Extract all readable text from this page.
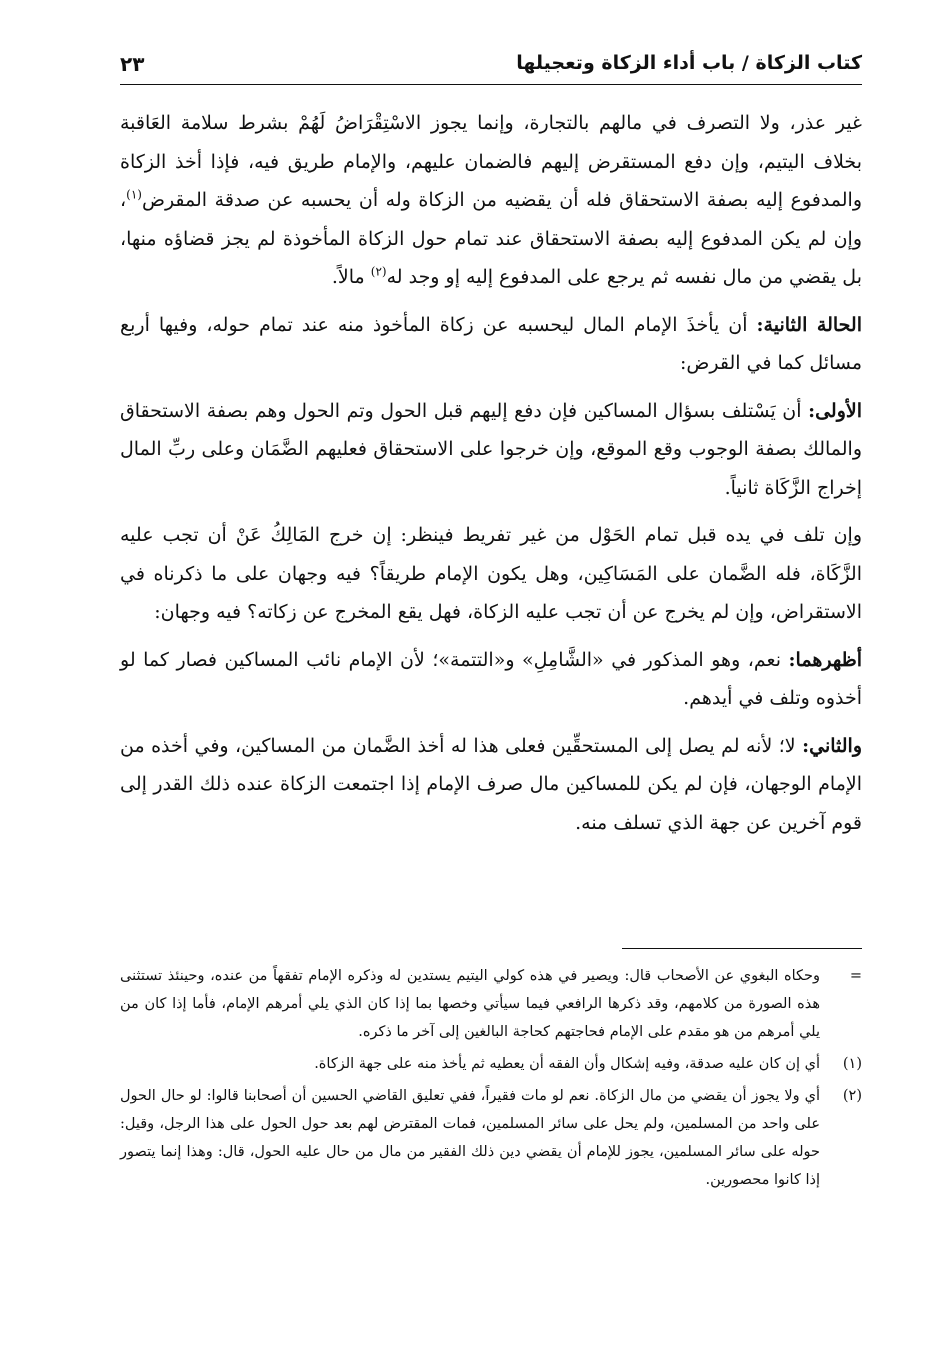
كتاب الزكاة / باب أداء الزكاة وتعجيلها
٢٣

غير عذر، ولا التصرف في مالهم بالتجارة، وإنما يجوز الاسْتِقْرَاضُ لَهُمْ بشرط سلامة العَاقبة بخلاف اليتيم، وإن دفع المستقرض إليهم فالضمان عليهم، والإمام طريق فيه، فإذا أخذ الزكاة والمدفوع إليه بصفة الاستحقاق فله أن يقضيه من الزكاة وله أن يحسبه عن صدقة المقرض$^{(١)}$، وإن لم يكن المدفوع إليه بصفة الاستحقاق عند تمام حول الزكاة المأخوذة لم يجز قضاؤه منها، بل يقضي من مال نفسه ثم يرجع على المدفوع إليه إو وجد له$^{(٢)}$ مالاً.

الحالة الثانية: أن يأخذَ الإمام المال ليحسبه عن زكاة المأخوذ منه عند تمام حوله، وفيها أربع مسائل كما في القرض:

الأولى: أن يَسْتلف بسؤال المساكين فإن دفع إليهم قبل الحول وتم الحول وهم بصفة الاستحقاق والمالك بصفة الوجوب وقع الموقع، وإن خرجوا على الاستحقاق فعليهم الضَّمَان وعلى ربِّ المال إخراج الزَّكَاة ثانياً.

وإن تلف في يده قبل تمام الحَوْل من غير تفريط فينظر: إن خرج المَالِكُ عَنْ أن تجب عليه الزَّكَاة، فله الضَّمان على المَسَاكِين، وهل يكون الإمام طريقاً؟ فيه وجهان على ما ذكرناه في الاستقراض، وإن لم يخرج عن أن تجب عليه الزكاة، فهل يقع المخرج عن زكاته؟ فيه وجهان:

أظهرهما: نعم، وهو المذكور في «الشَّامِلِ» و«التتمة»؛ لأن الإمام نائب المساكين فصار كما لو أخذوه وتلف في أيدهم.

والثاني: لا؛ لأنه لم يصل إلى المستحقِّين فعلى هذا له أخذ الضَّمان من المساكين، وفي أخذه من الإمام الوجهان، فإن لم يكن للمساكين مال صرف الإمام إذا اجتمعت الزكاة عنده ذلك القدر إلى قوم آخرين عن جهة الذي تسلف منه.

=
وحكاه البغوي عن الأصحاب قال: ويصير في هذه كولي اليتيم يستدين له وذكره الإمام تفقهاً من عنده، وحينئذ تستثنى هذه الصورة من كلامهم، وقد ذكرها الرافعي فيما سيأتي وخصها بما إذا كان الذي يلي أمرهم الإمام، فأما إذا كان من يلي أمرهم من هو مقدم على الإمام فحاجتهم كحاجة البالغين إلى آخر ما ذكره.
(١)
أي إن كان عليه صدقة، وفيه إشكال وأن الفقه أن يعطيه ثم يأخذ منه على جهة الزكاة.
(٢)
أي ولا يجوز أن يقضي من مال الزكاة. نعم لو مات فقيراً، ففي تعليق القاضي الحسين أن أصحابنا قالوا: لو حال الحول على واحد من المسلمين، ولم يحل على سائر المسلمين، فمات المقترض لهم بعد حول الحول على هذا الرجل، وقيل: حوله على سائر المسلمين، يجوز للإمام أن يقضي دين ذلك الفقير من مال من حال عليه الحول، قال: وهذا إنما يتصور إذا كانوا محصورين.
